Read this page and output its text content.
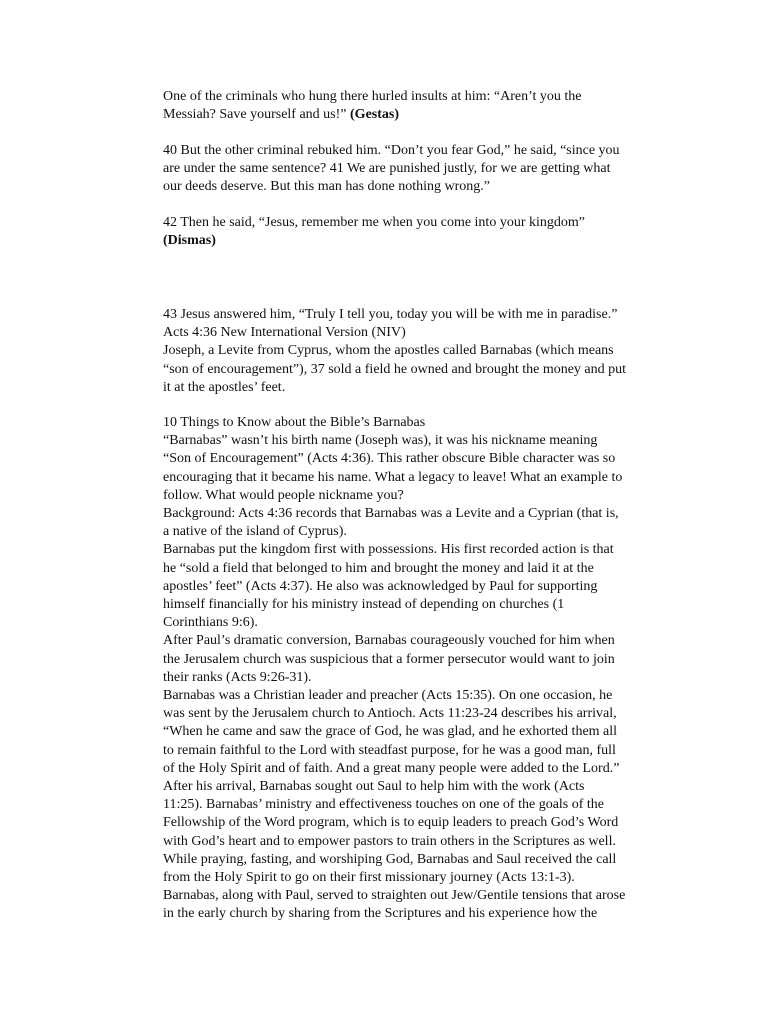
One of the criminals who hung there hurled insults at him: “Aren’t you the

Messiah? Save yourself and us!” (Gestas)

40 But the other criminal rebuked him. “Don’t you fear God,” he said, “since you

are under the same sentence? 41 We are punished justly, for we are getting what

our deeds deserve. But this man has done nothing wrong.”

42 Then he said, “Jesus, remember me when you come into your kingdom”

(Dismas)

43 Jesus answered him, “Truly I tell you, today you will be with me in paradise.”

Acts 4:36 New International Version (NIV)

Joseph, a Levite from Cyprus, whom the apostles called Barnabas (which means

“son of encouragement”), 37 sold a field he owned and brought the money and put

it at the apostles’ feet.

10 Things to Know about the Bible’s Barnabas

“Barnabas” wasn’t his birth name (Joseph was), it was his nickname meaning

“Son of Encouragement” (Acts 4:36). This rather obscure Bible character was so

encouraging that it became his name. What a legacy to leave! What an example to

follow. What would people nickname you?

Background: Acts 4:36 records that Barnabas was a Levite and a Cyprian (that is,

a native of the island of Cyprus).

Barnabas put the kingdom first with possessions. His first recorded action is that

he “sold a field that belonged to him and brought the money and laid it at the

apostles’ feet” (Acts 4:37). He also was acknowledged by Paul for supporting

himself financially for his ministry instead of depending on churches (1

Corinthians 9:6).

After Paul’s dramatic conversion, Barnabas courageously vouched for him when

the Jerusalem church was suspicious that a former persecutor would want to join

their ranks (Acts 9:26-31).

Barnabas was a Christian leader and preacher (Acts 15:35). On one occasion, he

was sent by the Jerusalem church to Antioch. Acts 11:23-24 describes his arrival,

“When he came and saw the grace of God, he was glad, and he exhorted them all

to remain faithful to the Lord with steadfast purpose, for he was a good man, full

of the Holy Spirit and of faith. And a great many people were added to the Lord.”

After his arrival, Barnabas sought out Saul to help him with the work (Acts

11:25). Barnabas’ ministry and effectiveness touches on one of the goals of the

Fellowship of the Word program, which is to equip leaders to preach God’s Word

with God’s heart and to empower pastors to train others in the Scriptures as well.

While praying, fasting, and worshiping God, Barnabas and Saul received the call

from the Holy Spirit to go on their first missionary journey (Acts 13:1-3).

Barnabas, along with Paul, served to straighten out Jew/Gentile tensions that arose

in the early church by sharing from the Scriptures and his experience how the
